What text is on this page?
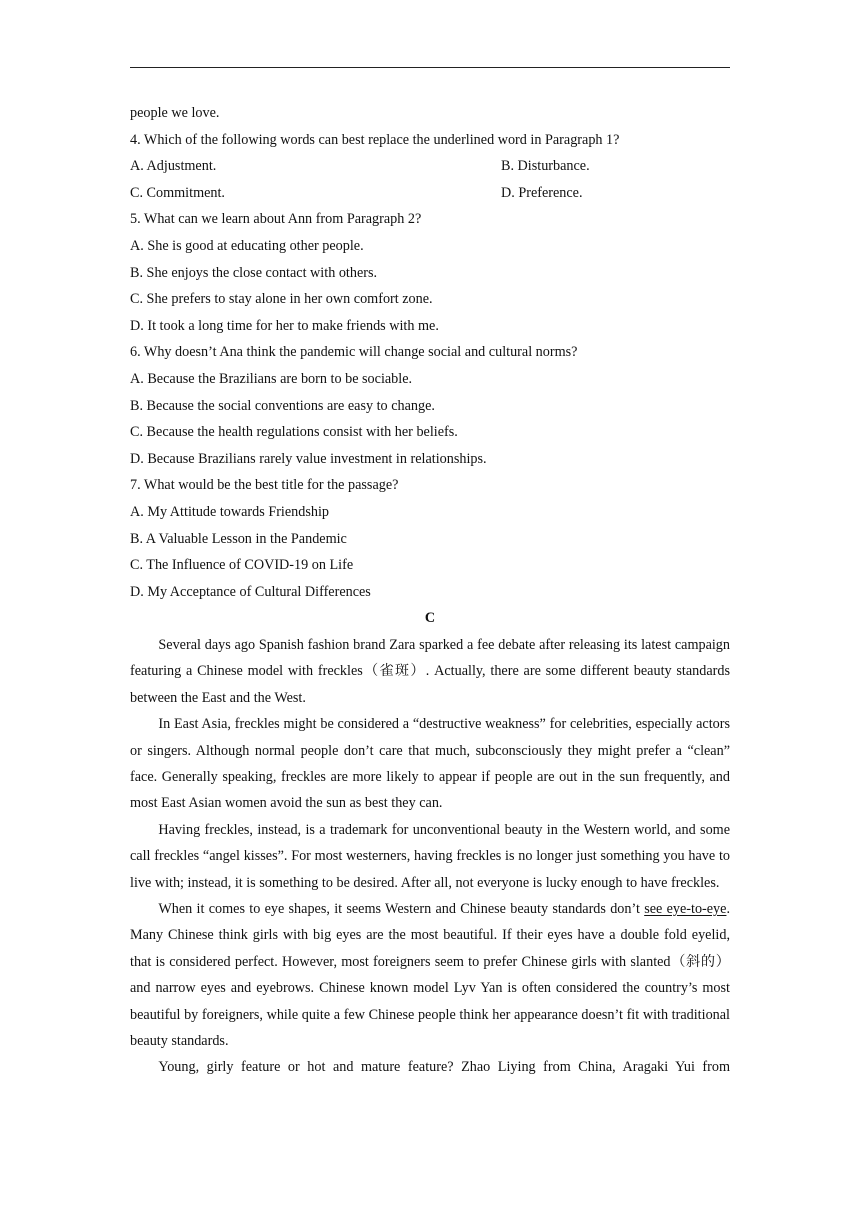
people we love.
4. Which of the following words can best replace the underlined word in Paragraph 1?
A. Adjustment.	B. Disturbance.
C. Commitment.	D. Preference.
5. What can we learn about Ann from Paragraph 2?
A. She is good at educating other people.
B. She enjoys the close contact with others.
C. She prefers to stay alone in her own comfort zone.
D. It took a long time for her to make friends with me.
6. Why doesn’t Ana think the pandemic will change social and cultural norms?
A. Because the Brazilians are born to be sociable.
B. Because the social conventions are easy to change.
C. Because the health regulations consist with her beliefs.
D. Because Brazilians rarely value investment in relationships.
7. What would be the best title for the passage?
A. My Attitude towards Friendship
B. A Valuable Lesson in the Pandemic
C. The Influence of COVID-19 on Life
D. My Acceptance of Cultural Differences
C

Several days ago Spanish fashion brand Zara sparked a fee debate after releasing its latest campaign featuring a Chinese model with freckles（雀斑）. Actually, there are some different beauty standards between the East and the West.

In East Asia, freckles might be considered a “destructive weakness” for celebrities, especially actors or singers. Although normal people don’t care that much, subconsciously they might prefer a “clean” face. Generally speaking, freckles are more likely to appear if people are out in the sun frequently, and most East Asian women avoid the sun as best they can.

Having freckles, instead, is a trademark for unconventional beauty in the Western world, and some call freckles “angel kisses”. For most westerners, having freckles is no longer just something you have to live with; instead, it is something to be desired. After all, not everyone is lucky enough to have freckles.

When it comes to eye shapes, it seems Western and Chinese beauty standards don’t see eye-to-eye. Many Chinese think girls with big eyes are the most beautiful. If their eyes have a double fold eyelid, that is considered perfect. However, most foreigners seem to prefer Chinese girls with slanted（斜的）and narrow eyes and eyebrows. Chinese known model Lyv Yan is often considered the country’s most beautiful by foreigners, while quite a few Chinese people think her appearance doesn’t fit with traditional beauty standards.

Young, girly feature or hot and mature feature? Zhao Liying from China, Aragaki Yui from
